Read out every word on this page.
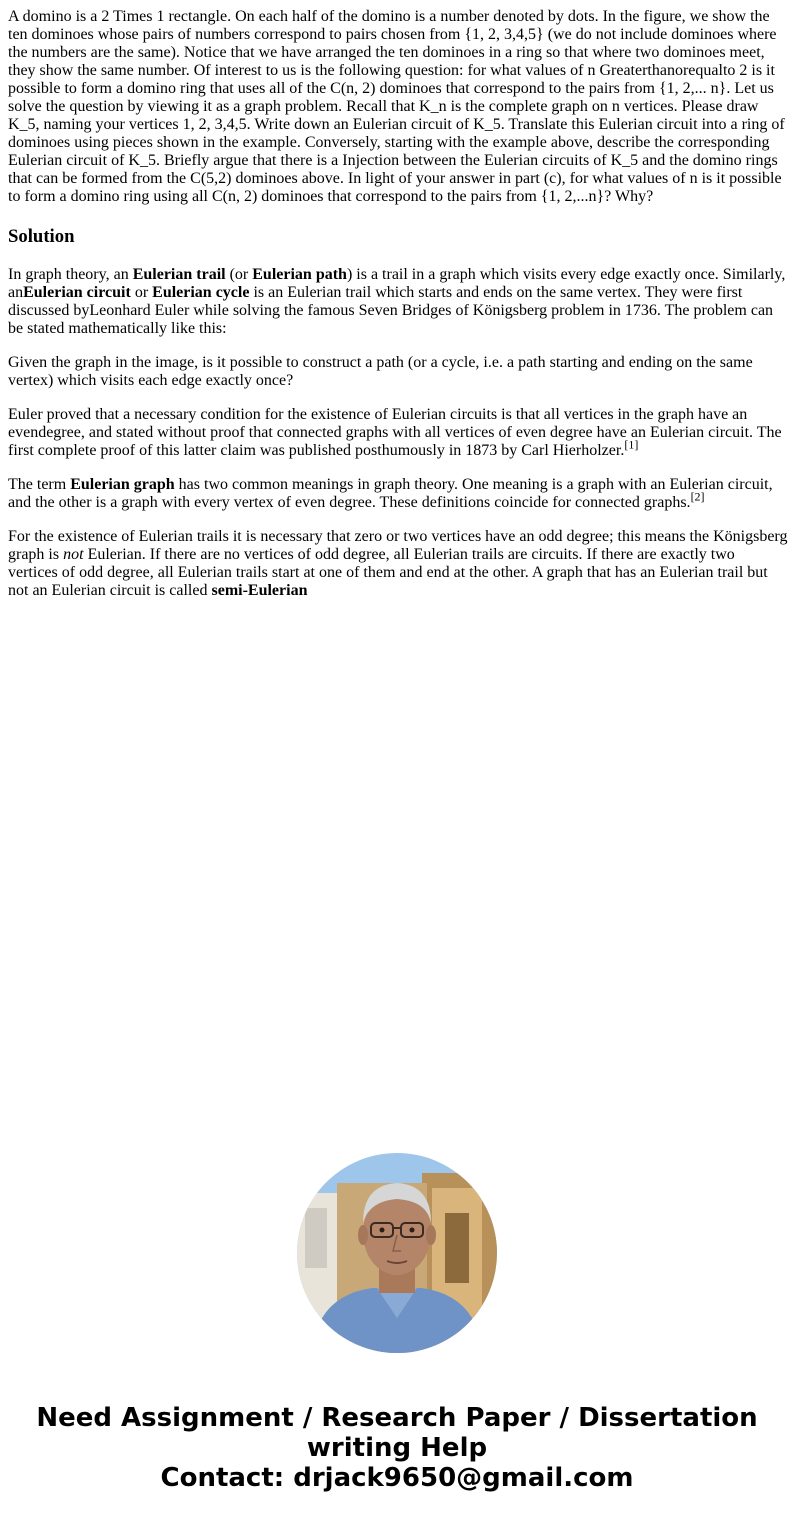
A domino is a 2 Times 1 rectangle. On each half of the domino is a number denoted by dots. In the figure, we show the ten dominoes whose pairs of numbers correspond to pairs chosen from {1, 2, 3,4,5} (we do not include dominoes where the numbers are the same). Notice that we have arranged the ten dominoes in a ring so that where two dominoes meet, they show the same number. Of interest to us is the following question: for what values of n Greaterthanorequalto 2 is it possible to form a domino ring that uses all of the C(n, 2) dominoes that correspond to the pairs from {1, 2,... n}. Let us solve the question by viewing it as a graph problem. Recall that K_n is the complete graph on n vertices. Please draw K_5, naming your vertices 1, 2, 3,4,5. Write down an Eulerian circuit of K_5. Translate this Eulerian circuit into a ring of dominoes using pieces shown in the example. Conversely, starting with the example above, describe the corresponding Eulerian circuit of K_5. Briefly argue that there is a Injection between the Eulerian circuits of K_5 and the domino rings that can be formed from the C(5,2) dominoes above. In light of your answer in part (c), for what values of n is it possible to form a domino ring using all C(n, 2) dominoes that correspond to the pairs from {1, 2,...n}? Why?

Solution

In graph theory, an Eulerian trail (or Eulerian path) is a trail in a graph which visits every edge exactly once. Similarly, anEulerian circuit or Eulerian cycle is an Eulerian trail which starts and ends on the same vertex. They were first discussed byLeonhard Euler while solving the famous Seven Bridges of Königsberg problem in 1736. The problem can be stated mathematically like this:

Given the graph in the image, is it possible to construct a path (or a cycle, i.e. a path starting and ending on the same vertex) which visits each edge exactly once?

Euler proved that a necessary condition for the existence of Eulerian circuits is that all vertices in the graph have an evendegree, and stated without proof that connected graphs with all vertices of even degree have an Eulerian circuit. The first complete proof of this latter claim was published posthumously in 1873 by Carl Hierholzer.[1]

The term Eulerian graph has two common meanings in graph theory. One meaning is a graph with an Eulerian circuit, and the other is a graph with every vertex of even degree. These definitions coincide for connected graphs.[2]

For the existence of Eulerian trails it is necessary that zero or two vertices have an odd degree; this means the Königsberg graph is not Eulerian. If there are no vertices of odd degree, all Eulerian trails are circuits. If there are exactly two vertices of odd degree, all Eulerian trails start at one of them and end at the other. A graph that has an Eulerian trail but not an Eulerian circuit is called semi-Eulerian

Need Assignment / Research Paper / Dissertation
writing Help
Contact: drjack9650@gmail.com
